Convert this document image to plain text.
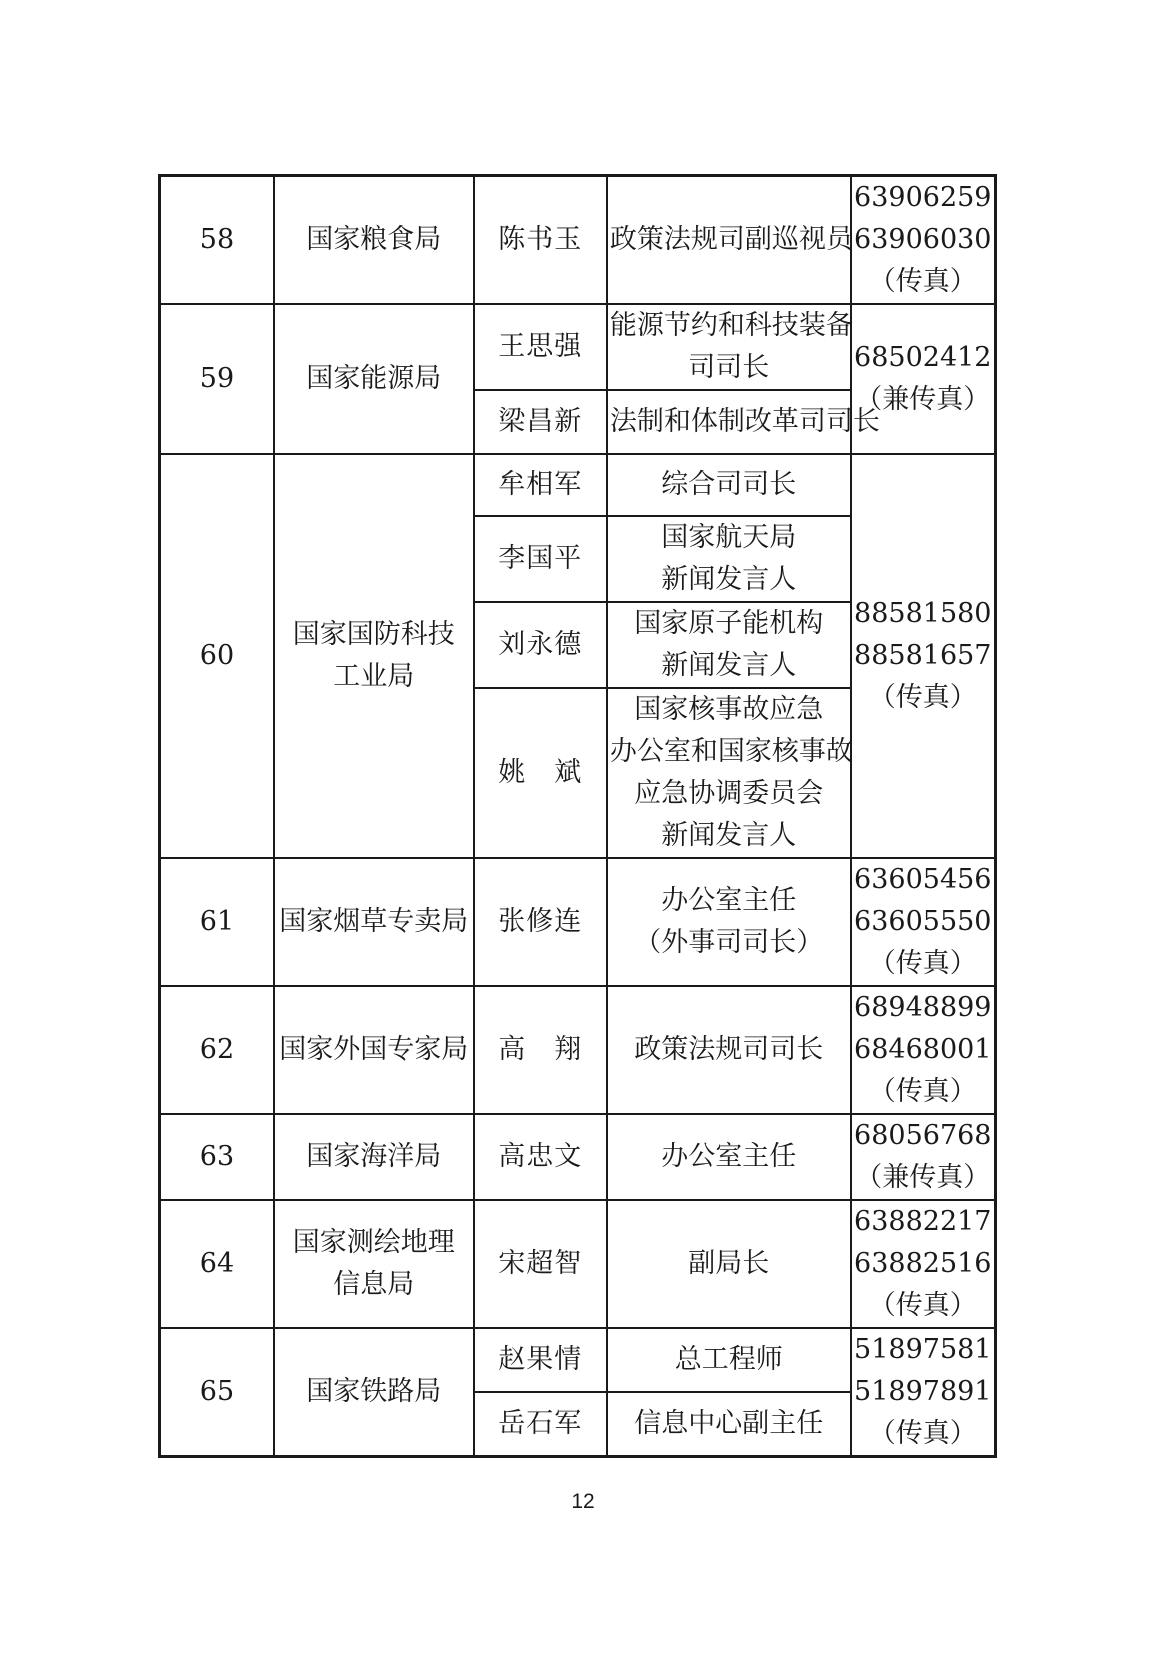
58	国家粮食局	陈书玉	政策法规司副巡视员	63906259
63906030
（传真）
59	国家能源局	王思强	能源节约和科技装备
司司长	68502412
（兼传真）
		梁昌新	法制和体制改革司司长	
60	国家国防科技
工业局	牟相军	综合司司长	88581580
88581657
（传真）
		李国平	国家航天局
新闻发言人	
		刘永德	国家原子能机构
新闻发言人	
		姚　斌	国家核事故应急
办公室和国家核事故
应急协调委员会
新闻发言人	
61	国家烟草专卖局	张修连	办公室主任
（外事司司长）	63605456
63605550
（传真）
62	国家外国专家局	高　翔	政策法规司司长	68948899
68468001
（传真）
63	国家海洋局	高忠文	办公室主任	68056768
（兼传真）
64	国家测绘地理
信息局	宋超智	副局长	63882217
63882516
（传真）
65	国家铁路局	赵果情	总工程师	51897581
51897891
（传真）
		岳石军	信息中心副主任	
12
